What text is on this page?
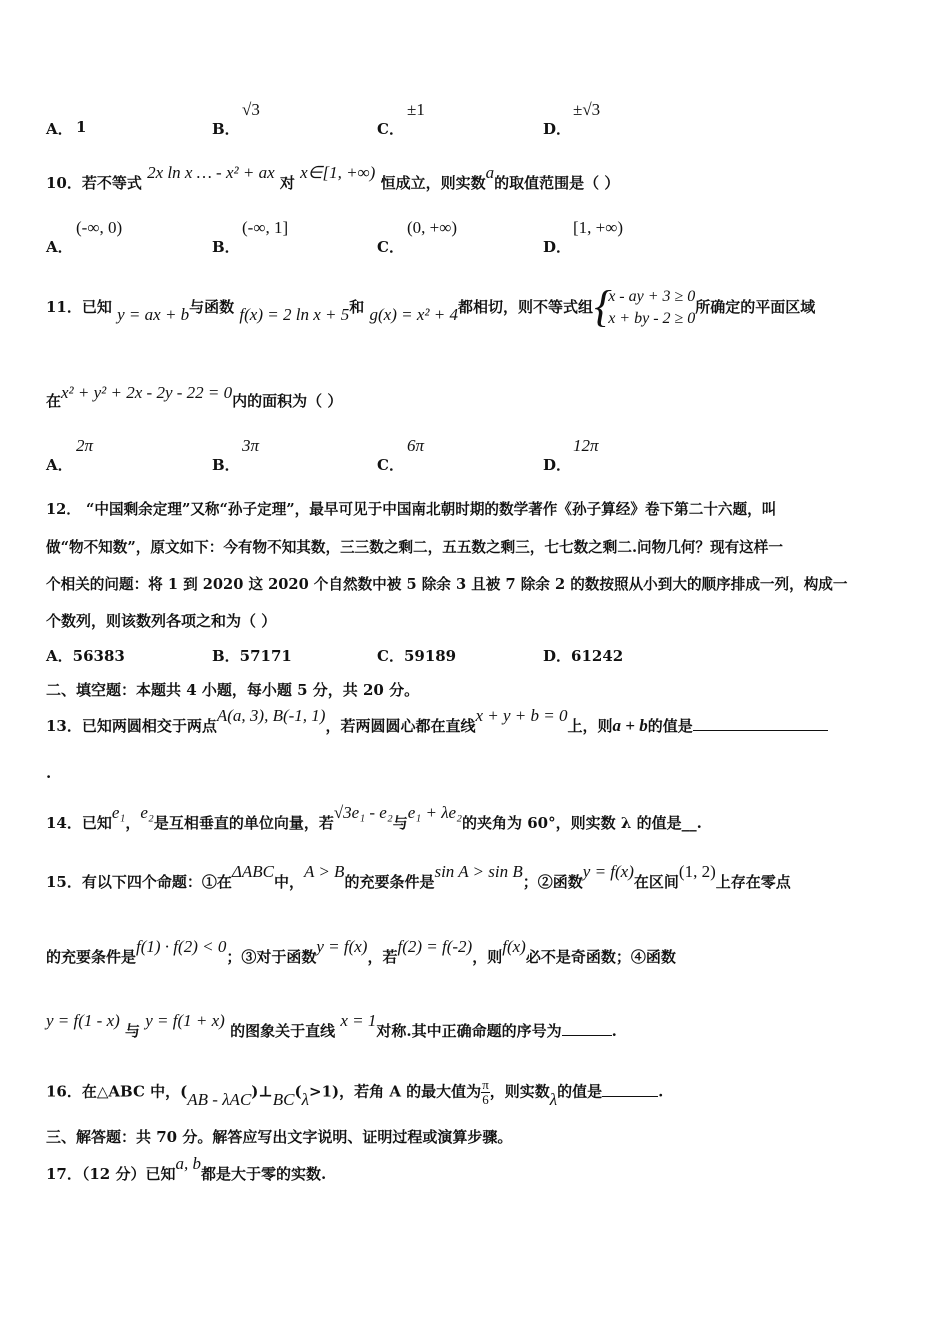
A． 1	B．
√3
C．
±1
D．
±√3
10．若不等式 2x ln x … - x² + ax 对 x∈[1, +∞) 恒成立，则实数a的取值范围是（ ）
A．
(-∞, 0)
B．
(-∞, 1]
C．
(0, +∞)
D．
[1, +∞)
11．已知 y = ax + b与函数 f(x) = 2 ln x + 5和 g(x) = x² + 4都相切，则不等式组
{ x - ay + 3 ≥ 0
x + by - 2 ≥ 0
所确定的平面区域
在x² + y² + 2x - 2y - 22 = 0内的面积为（ ）
A．
2π
B．
3π
C．
6π
D．
12π
12． “中国剩余定理”又称“孙子定理”，最早可见于中国南北朝时期的数学著作《孙子算经》卷下第二十六题，叫
做“物不知数”，原文如下：今有物不知其数，三三数之剩二，五五数之剩三，七七数之剩二.问物几何？现有这样一
个相关的问题：将 1 到 2020 这 2020 个自然数中被 5 除余 3 且被 7 除余 2 的数按照从小到大的顺序排成一列，构成一
个数列，则该数列各项之和为（ ）
A．56383	B．57171	C．59189	D．61242
二、填空题：本题共 4 小题，每小题 5 分，共 20 分。
13．已知两圆相交于两点A(a, 3), B(-1, 1)，若两圆圆心都在直线x + y + b = 0上，则a + b的值是
.
14．已知e₁，e₂是互相垂直的单位向量，若√3e₁ - e₂与e₁ + λe₂的夹角为 60°，则实数 λ 的值是__.
15．有以下四个命题：①在ΔABC中，A > B的充要条件是sin A > sin B；②函数y = f(x)在区间(1, 2)上存在零点
的充要条件是f(1) · f(2) < 0；③对于函数y = f(x)，若f(2) = f(-2)，则f(x)必不是奇函数；④函数
y = f(1 - x) 与 y = f(1 + x) 的图象关于直线 x = 1对称.其中正确命题的序号为	.
16．在△ABC 中，(AB - λAC)⊥BC(λ>1)，若角 A 的最大值为 $\frac{\pi}{6}$ ，则实数λ的值是	.
三、解答题：共 70 分。解答应写出文字说明、证明过程或演算步骤。
17．（12 分）已知a, b都是大于零的实数.
